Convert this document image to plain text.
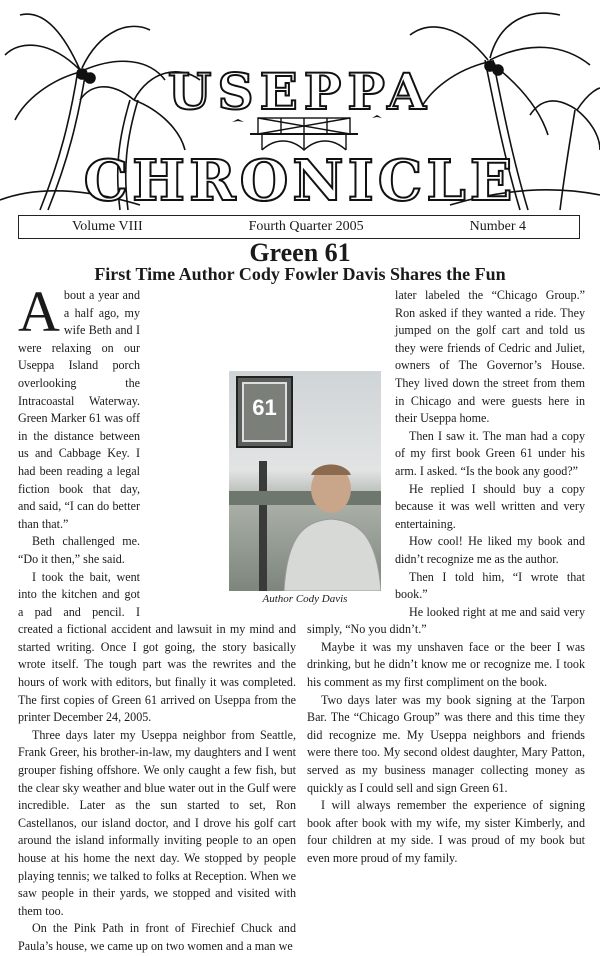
USEPPA
CHRONICLE
Volume VIII	Fourth Quarter 2005	Number 4
Green 61
First Time Author Cody Fowler Davis Shares the Fun

About a year and a half ago, my wife Beth and I were relaxing on our Useppa Island porch overlooking the Intracoastal Waterway. Green Marker 61 was off in the distance between us and Cabbage Key. I had been reading a legal fiction book that day, and said, “I can do better than that.”

Beth challenged me. “Do it then,” she said.

I took the bait, went into the kitchen and got a pad and pencil. I created a fictional accident and lawsuit in my mind and started writing. Once I got going, the story basically wrote itself. The tough part was the rewrites and the hours of work with editors, but finally it was completed. The first copies of Green 61 arrived on Useppa from the printer December 24, 2005.

Three days later my Useppa neighbor from Seattle, Frank Greer, his brother-in-law, my daughters and I went grouper fishing offshore. We only caught a few fish, but the clear sky weather and blue water out in the Gulf were incredible. Later as the sun started to set, Ron Castellanos, our island doctor, and I drove his golf cart around the island informally inviting people to an open house at his home the next day. We stopped by people playing tennis; we talked to folks at Reception. When we saw people in their yards, we stopped and visited with them too.

On the Pink Path in front of Firechief Chuck and Paula’s house, we came up on two women and a man we

later labeled the “Chicago Group.” Ron asked if they wanted a ride. They jumped on the golf cart and told us they were friends of Cedric and Juliet, owners of The Governor’s House. They lived down the street from them in Chicago and were guests here in their Useppa home.

Then I saw it. The man had a copy of my first book Green 61 under his arm. I asked. “Is the book any good?”

He replied I should buy a copy because it was well written and very entertaining.

How cool! He liked my book and didn’t recognize me as the author.

Then I told him, “I wrote that book.”

He looked right at me and said very simply, “No you didn’t.”

Maybe it was my unshaven face or the beer I was drinking, but he didn’t know me or recognize me. I took his comment as my first compliment on the book.

Two days later was my book signing at the Tarpon Bar. The “Chicago Group” was there and this time they did recognize me. My Useppa neighbors and friends were there too. My second oldest daughter, Mary Patton, served as my business manager collecting money as quickly as I could sell and sign Green 61.

I will always remember the experience of signing book after book with my wife, my sister Kimberly, and four children at my side. I was proud of my book but even more proud of my family.

61
Author Cody Davis
